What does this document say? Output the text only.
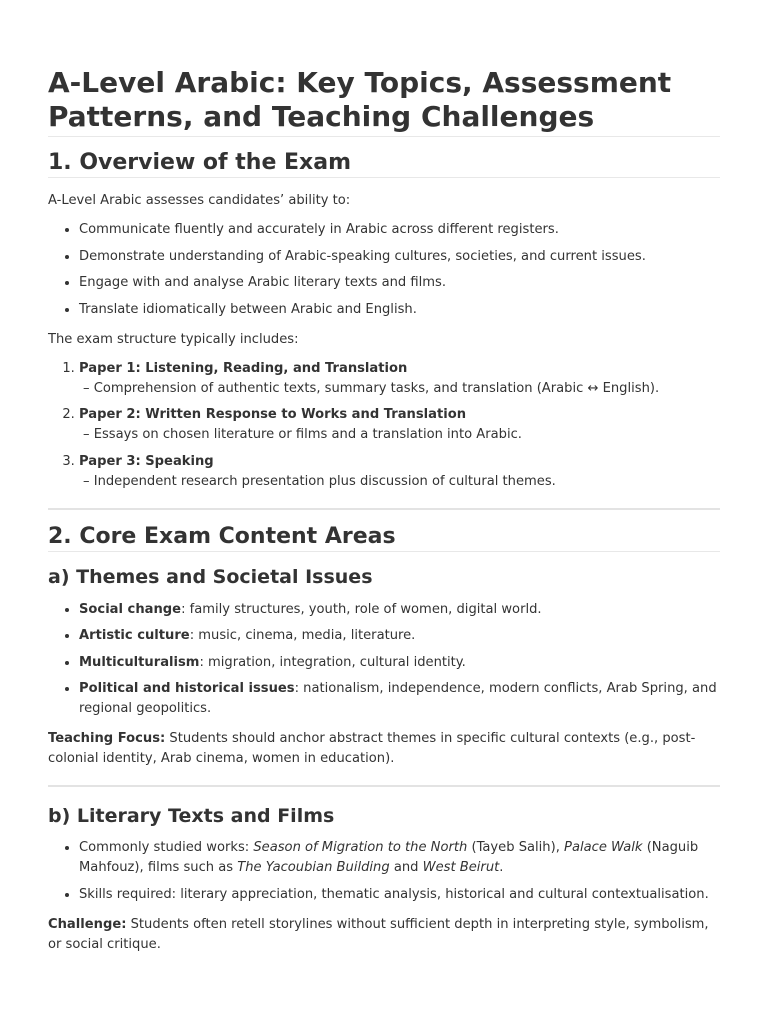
A-Level Arabic: Key Topics, Assessment Patterns, and Teaching Challenges
1. Overview of the Exam

A-Level Arabic assesses candidates’ ability to:

• Communicate fluently and accurately in Arabic across different registers.
• Demonstrate understanding of Arabic-speaking cultures, societies, and current issues.
• Engage with and analyse Arabic literary texts and films.
• Translate idiomatically between Arabic and English.

The exam structure typically includes:

1. Paper 1: Listening, Reading, and Translation
– Comprehension of authentic texts, summary tasks, and translation (Arabic ↔ English).
2. Paper 2: Written Response to Works and Translation
– Essays on chosen literature or films and a translation into Arabic.
3. Paper 3: Speaking
– Independent research presentation plus discussion of cultural themes.
2. Core Exam Content Areas
a) Themes and Societal Issues
• Social change: family structures, youth, role of women, digital world.
• Artistic culture: music, cinema, media, literature.
• Multiculturalism: migration, integration, cultural identity.
• Political and historical issues: nationalism, independence, modern conflicts, Arab Spring, and regional geopolitics.

Teaching Focus: Students should anchor abstract themes in specific cultural contexts (e.g., post-colonial identity, Arab cinema, women in education).

b) Literary Texts and Films
• Commonly studied works: Season of Migration to the North (Tayeb Salih), Palace Walk (Naguib Mahfouz), films such as The Yacoubian Building and West Beirut.
• Skills required: literary appreciation, thematic analysis, historical and cultural contextualisation.

Challenge: Students often retell storylines without sufficient depth in interpreting style, symbolism, or social critique.
